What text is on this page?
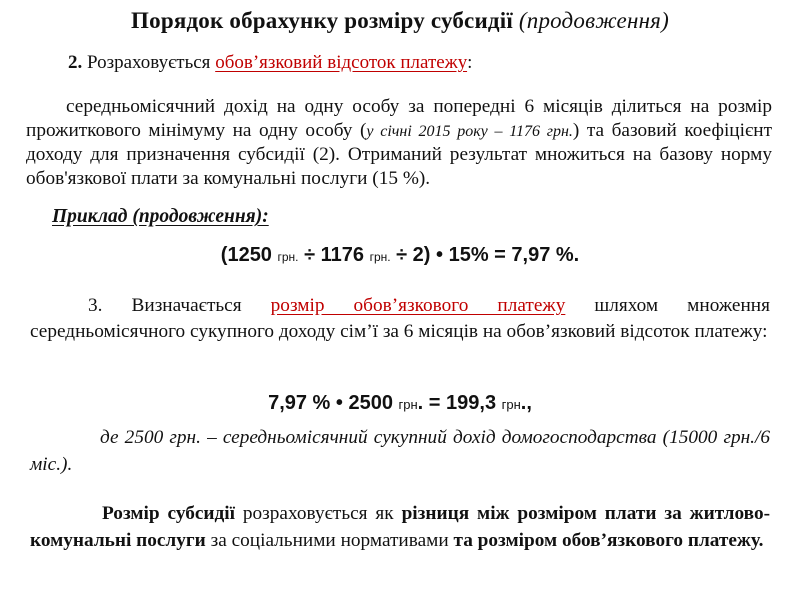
Порядок обрахунку розміру субсидії (продовження)
2. Розраховується обов’язковий відсоток платежу:
середньомісячний дохід на одну особу за попередні 6 місяців ділиться на розмір прожиткового мінімуму на одну особу (у січні 2015 року – 1176 грн.) та базовий коефіцієнт доходу для призначення субсидії (2). Отриманий результат множиться на базову норму обов'язкової плати за комунальні послуги (15 %).
Приклад (продовження):
(1250 грн. ÷ 1176 грн. ÷ 2) • 15% = 7,97 %.
3. Визначається розмір обов’язкового платежу шляхом множення середньомісячного сукупного доходу сім’ї за 6 місяців на обов’язковий відсоток платежу:
7,97 % • 2500 грн. = 199,3 грн.,
де 2500 грн. – середньомісячний сукупний дохід домогосподарства (15000 грн./6 міс.).
Розмір субсидії розраховується як різниця між розміром плати за житлово-комунальні послуги за соціальними нормативами та розміром обов’язкового платежу.
